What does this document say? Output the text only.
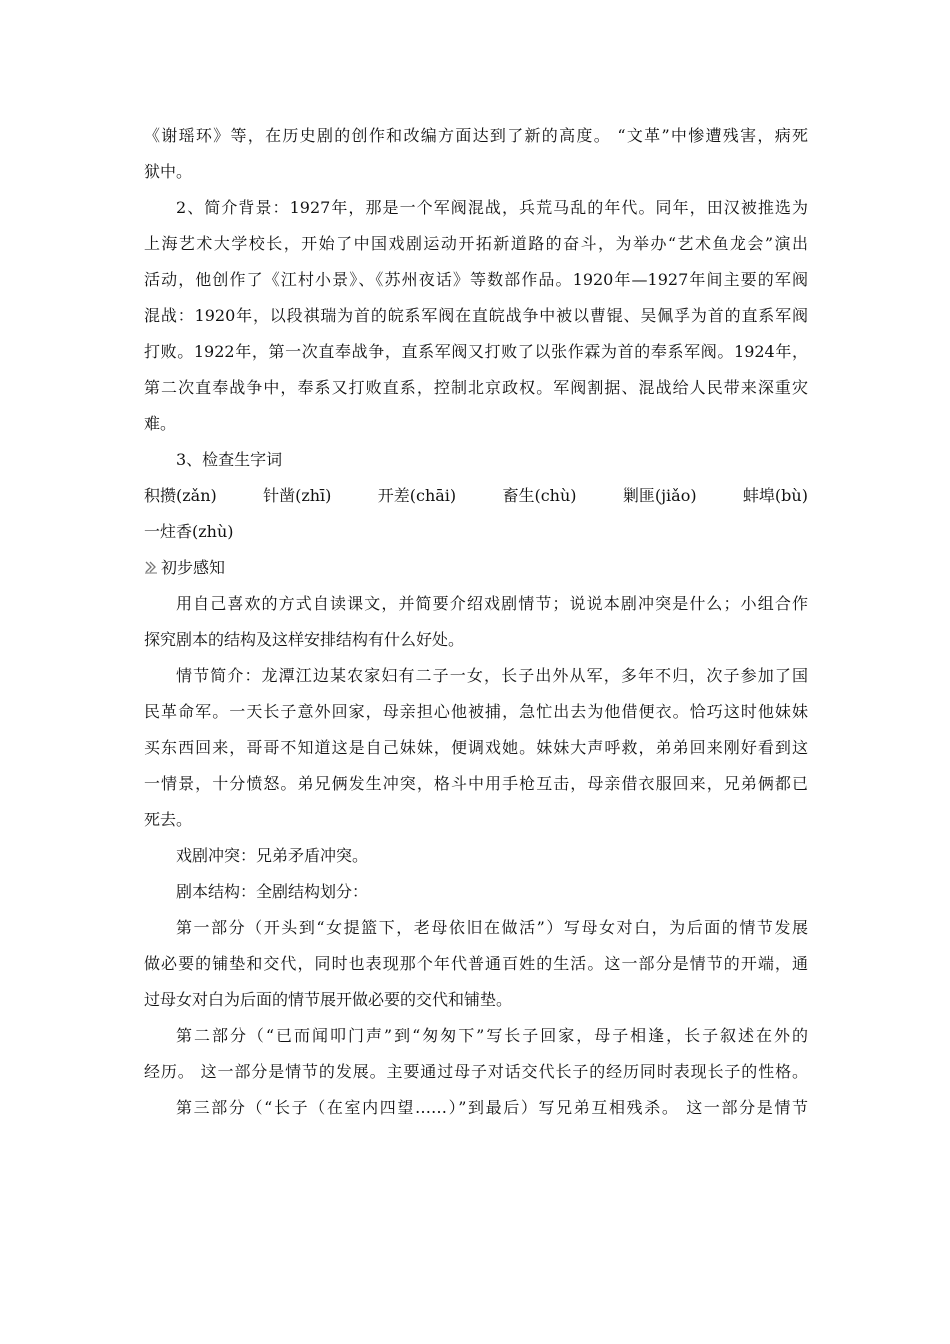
《谢瑶环》等，在历史剧的创作和改编方面达到了新的高度。 “文革”中惨遭残害，病死
狱中。
2、简介背景：1927年，那是一个军阀混战，兵荒马乱的年代。同年，田汉被推选为
上海艺术大学校长，开始了中国戏剧运动开拓新道路的奋斗，为举办“艺术鱼龙会”演出
活动，他创作了《江村小景》、《苏州夜话》等数部作品。1920年—1927年间主要的军阀
混战：1920年，以段祺瑞为首的皖系军阀在直皖战争中被以曹锟、吴佩孚为首的直系军阀
打败。1922年，第一次直奉战争，直系军阀又打败了以张作霖为首的奉系军阀。1924年，
第二次直奉战争中，奉系又打败直系，控制北京政权。军阀割据、混战给人民带来深重灾
难。
3、检查生字词
积攒(zǎn)	针凿(zhī)	开差(chāi)	畜生(chù)	剿匪(jiǎo)	蚌埠(bù)
一炷香(zhù)
初步感知
用自己喜欢的方式自读课文，并简要介绍戏剧情节；说说本剧冲突是什么；小组合作
探究剧本的结构及这样安排结构有什么好处。
情节简介：龙潭江边某农家妇有二子一女，长子出外从军，多年不归，次子参加了国
民革命军。一天长子意外回家，母亲担心他被捕，急忙出去为他借便衣。恰巧这时他妹妹
买东西回来，哥哥不知道这是自己妹妹，便调戏她。妹妹大声呼救，弟弟回来刚好看到这
一情景，十分愤怒。弟兄俩发生冲突，格斗中用手枪互击，母亲借衣服回来，兄弟俩都已
死去。
戏剧冲突：兄弟矛盾冲突。
剧本结构：全剧结构划分：
第一部分（开头到“女提篮下，老母依旧在做活”）写母女对白，为后面的情节发展
做必要的铺垫和交代，同时也表现那个年代普通百姓的生活。这一部分是情节的开端，通
过母女对白为后面的情节展开做必要的交代和铺垫。
第二部分（“已而闻叩门声”到“匆匆下”写长子回家，母子相逢，长子叙述在外的
经历。 这一部分是情节的发展。主要通过母子对话交代长子的经历同时表现长子的性格。
第三部分（“长子（在室内四望……）”到最后）写兄弟互相残杀。 这一部分是情节
